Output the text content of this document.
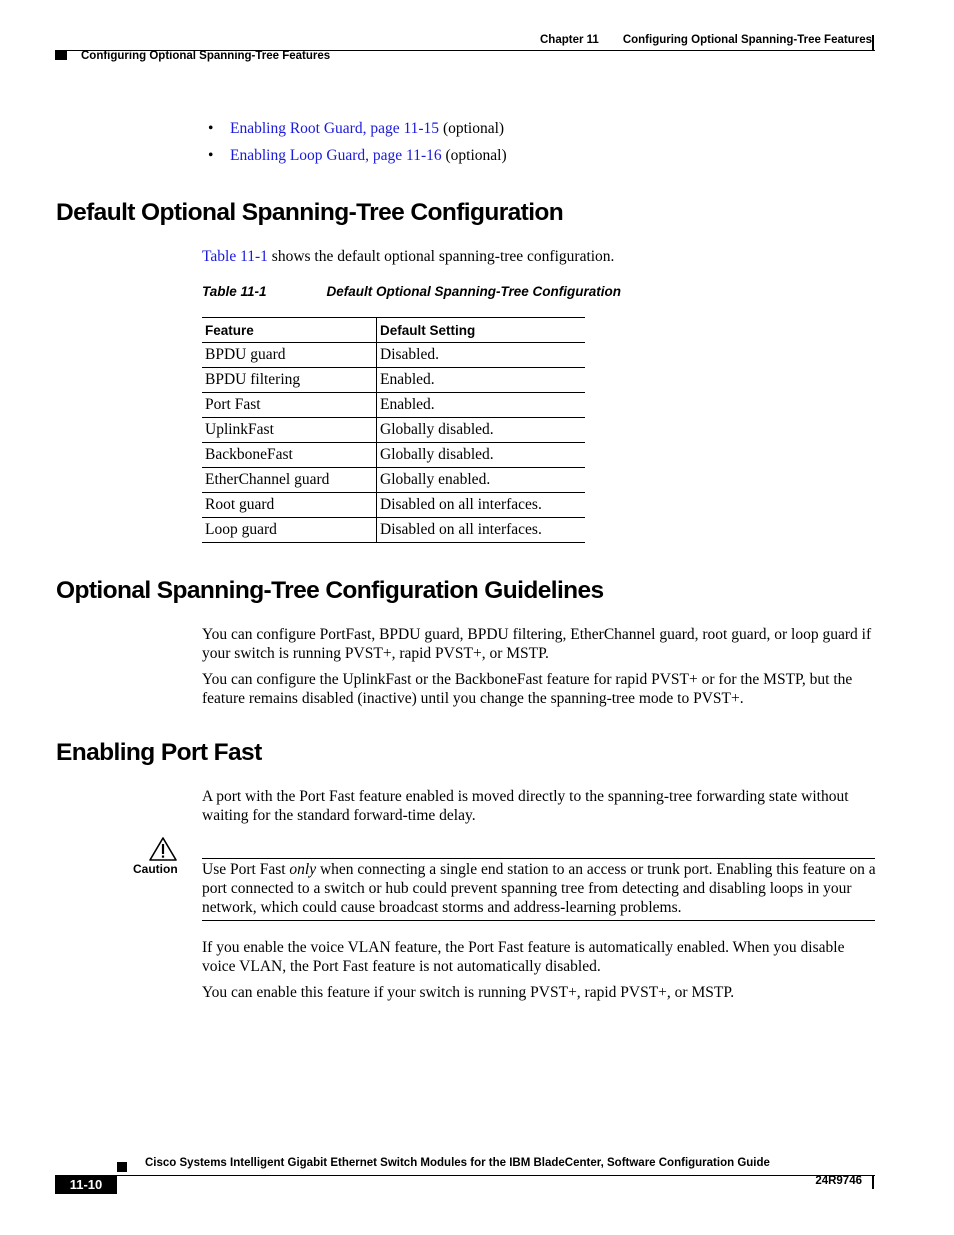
Chapter 11 Configuring Optional Spanning-Tree Features
Configuring Optional Spanning-Tree Features
• Enabling Root Guard, page 11-15 (optional)
• Enabling Loop Guard, page 11-16 (optional)
Default Optional Spanning-Tree Configuration

Table 11-1 shows the default optional spanning-tree configuration.

Table 11-1	Default Optional Spanning-Tree Configuration
Feature	Default Setting
BPDU guard	Disabled.
BPDU filtering	Enabled.
Port Fast	Enabled.
UplinkFast	Globally disabled.
BackboneFast	Globally disabled.
EtherChannel guard	Globally enabled.
Root guard	Disabled on all interfaces.
Loop guard	Disabled on all interfaces.
Optional Spanning-Tree Configuration Guidelines

You can configure PortFast, BPDU guard, BPDU filtering, EtherChannel guard, root guard, or loop guard if your switch is running PVST+, rapid PVST+, or MSTP.

You can configure the UplinkFast or the BackboneFast feature for rapid PVST+ or for the MSTP, but the feature remains disabled (inactive) until you change the spanning-tree mode to PVST+.

Enabling Port Fast

A port with the Port Fast feature enabled is moved directly to the spanning-tree forwarding state without waiting for the standard forward-time delay.

Caution Use Port Fast only when connecting a single end station to an access or trunk port. Enabling this feature on a port connected to a switch or hub could prevent spanning tree from detecting and disabling loops in your network, which could cause broadcast storms and address-learning problems.

If you enable the voice VLAN feature, the Port Fast feature is automatically enabled. When you disable voice VLAN, the Port Fast feature is not automatically disabled.

You can enable this feature if your switch is running PVST+, rapid PVST+, or MSTP.

Cisco Systems Intelligent Gigabit Ethernet Switch Modules for the IBM BladeCenter, Software Configuration Guide
11-10	24R9746
